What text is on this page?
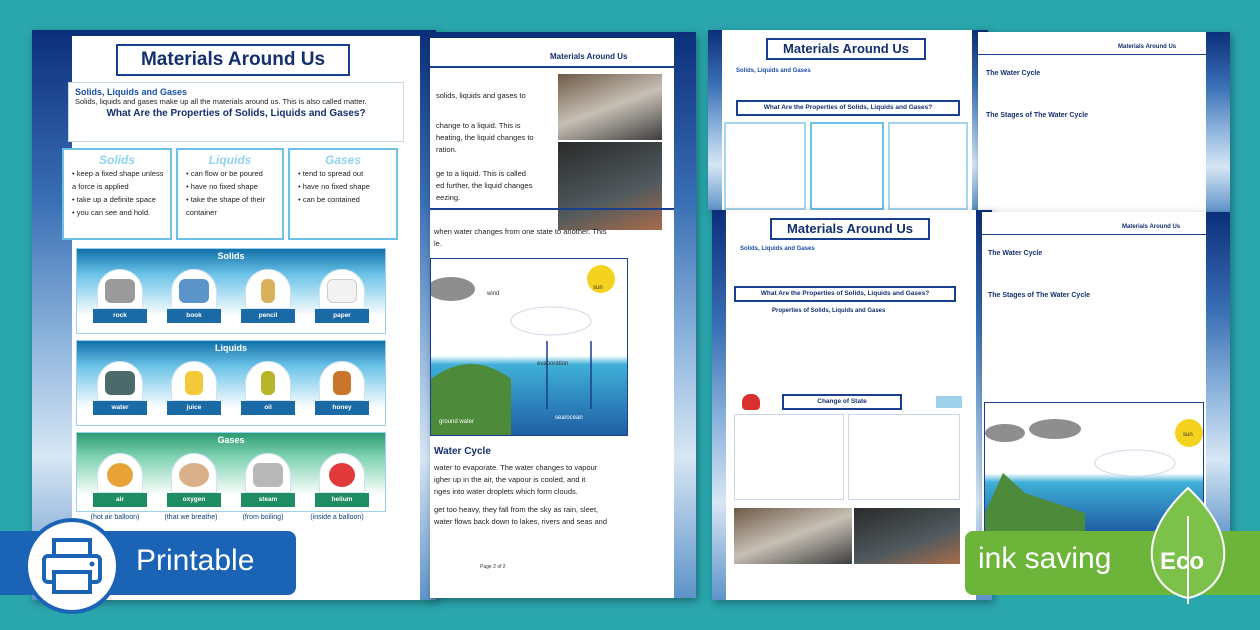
Materials Around Us
Solids, Liquids and Gases
Solids, liquids and gases make up all the materials around us. This is also called matter.
What Are the Properties of Solids, Liquids and Gases?
Solids
• keep a fixed shape unless a force is applied
• take up a definite space
• you can see and hold.
Liquids
• can flow or be poured
• have no fixed shape
• take the shape of their container
Gases
• tend to spread out
• have no fixed shape
• can be contained
Solids
rock	book	pencil	paper
Liquids
water	juice	oil	honey
Gases
air	oxygen	steam	helium
(hot air balloon)	(that we breathe)	(from boiling)	(inside a balloon)
Materials Around Us
solids, liquids and gases to
change to a liquid. This is
heating, the liquid changes to
ration.
ge to a liquid. This is called
ed further, the liquid changes
eezing.
when water changes from one state to another. This
le.
sun
wind
evaporation
sea/ocean
ground water
Water Cycle
water to evaporate. The water changes to vapour
igher up in the air, the vapour is cooled, and it
nges into water droplets which form clouds.
get too heavy, they fall from the sky as rain, sleet,
water flows back down to lakes, rivers and seas and
Page 2 of 2
Materials Around Us
Solids, Liquids and Gases
What Are the Properties of Solids, Liquids and Gases?
Materials Around Us
The Water Cycle
The Stages of The Water Cycle
Materials Around Us
Solids, Liquids and Gases
What Are the Properties of Solids, Liquids and Gases?
Properties of Solids, Liquids and Gases
Change of State
Materials Around Us
The Water Cycle
The Stages of The Water Cycle
sun
Printable	ink saving Eco
